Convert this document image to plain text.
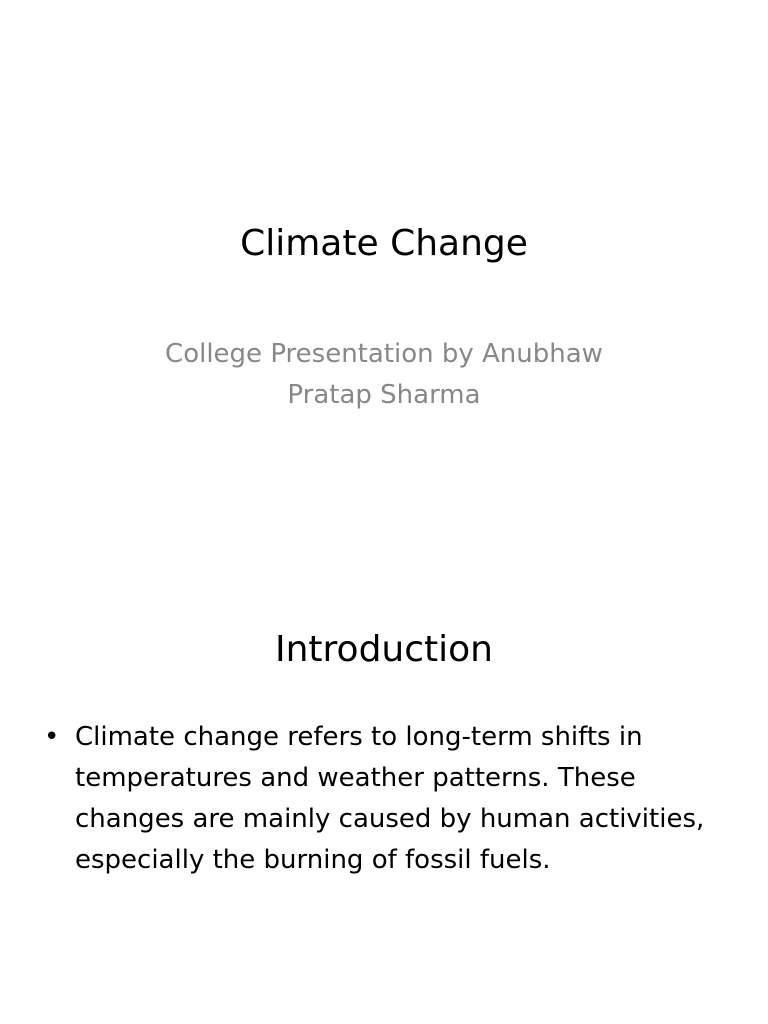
Climate Change

College Presentation by Anubhaw Pratap Sharma

Introduction
• Climate change refers to long-term shifts in temperatures and weather patterns. These changes are mainly caused by human activities, especially the burning of fossil fuels.
